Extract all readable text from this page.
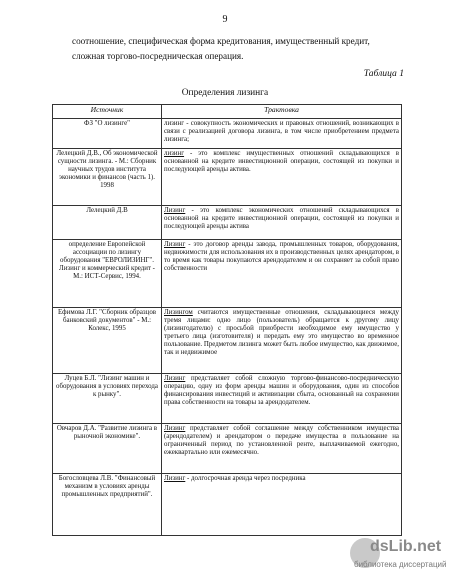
9
соотношение, специфическая форма кредитования, имущественный кредит,
сложная торгово-посредническая операция.
Таблица 1
Определения лизинга
Источник	Трактовка
ФЗ "О лизинге"	лизинг - совокупность экономических и правовых отношений, возникающих в связи с реализацией договора лизинга, в том числе приобретением предмета лизинга;
Лелецкий Д.В., Об экономической сущности лизинга. - М.: Сборник научных трудов института экономики и финансов (часть 1). 1998	лизинг - это комплекс имущественных отношений складывающихся в основанной на кредите инвестиционной операции, состоящей из покупки и последующей аренды актива.
Лелецкий Д.В	Лизинг - это комплекс экономических отношений складывающихся в основанной на кредите инвестиционной операции, состоящей из покупки и последующей аренды актива
определение Европейской ассоциации по лизингу оборудования "ЕВРОЛИЗИНГ". Лизинг и коммерческий кредит - М.: ИСТ-Сервис, 1994.	Лизинг - это договор аренды завода, промышленных товаров, оборудования, недвижимости для использования их в производственных целях арендатором, в то время как товары покупаются арендодателем и он сохраняет за собой право собственности
Ефимова Л.Г. "Сборник образцов банковский документов" - М.: Колекс, 1995	Лизингом считаются имущественные отношения, складывающиеся между тремя лицами: одно лицо (пользователь) обращается к другому лицу (лизингодателю) с просьбой приобрести необходимое ему имущество у третьего лица (изготовителя) и передать ему это имущество во временное пользование. Предметом лизинга может быть любое имущество, как движимое, так и недвижимое
Луцев Б.Л. "Лизинг машин и оборудования в условиях перехода к рынку".	Лизинг представляет собой сложную торгово-финансово-посредническую операцию, одну из форм аренды машин и оборудования, один из способов финансирования инвестиций и активизации сбыта, основанный на сохранении права собственности на товары за арендодателем.
Овчаров Д.А. "Развитие лизинга в рыночной экономике".	Лизинг представляет собой соглашение между собственником имущества (арендодателем) и арендатором о передаче имущества в пользование на ограниченный период по установленной ренте, выплачиваемой ежегодно, ежеквартально или ежемесячно.
Богословцева Л.В. "Финансовый механизм в условиях аренды промышленных предприятий".	Лизинг - долгосрочная аренда через посредника
dsLib.net
библиотека диссертаций
